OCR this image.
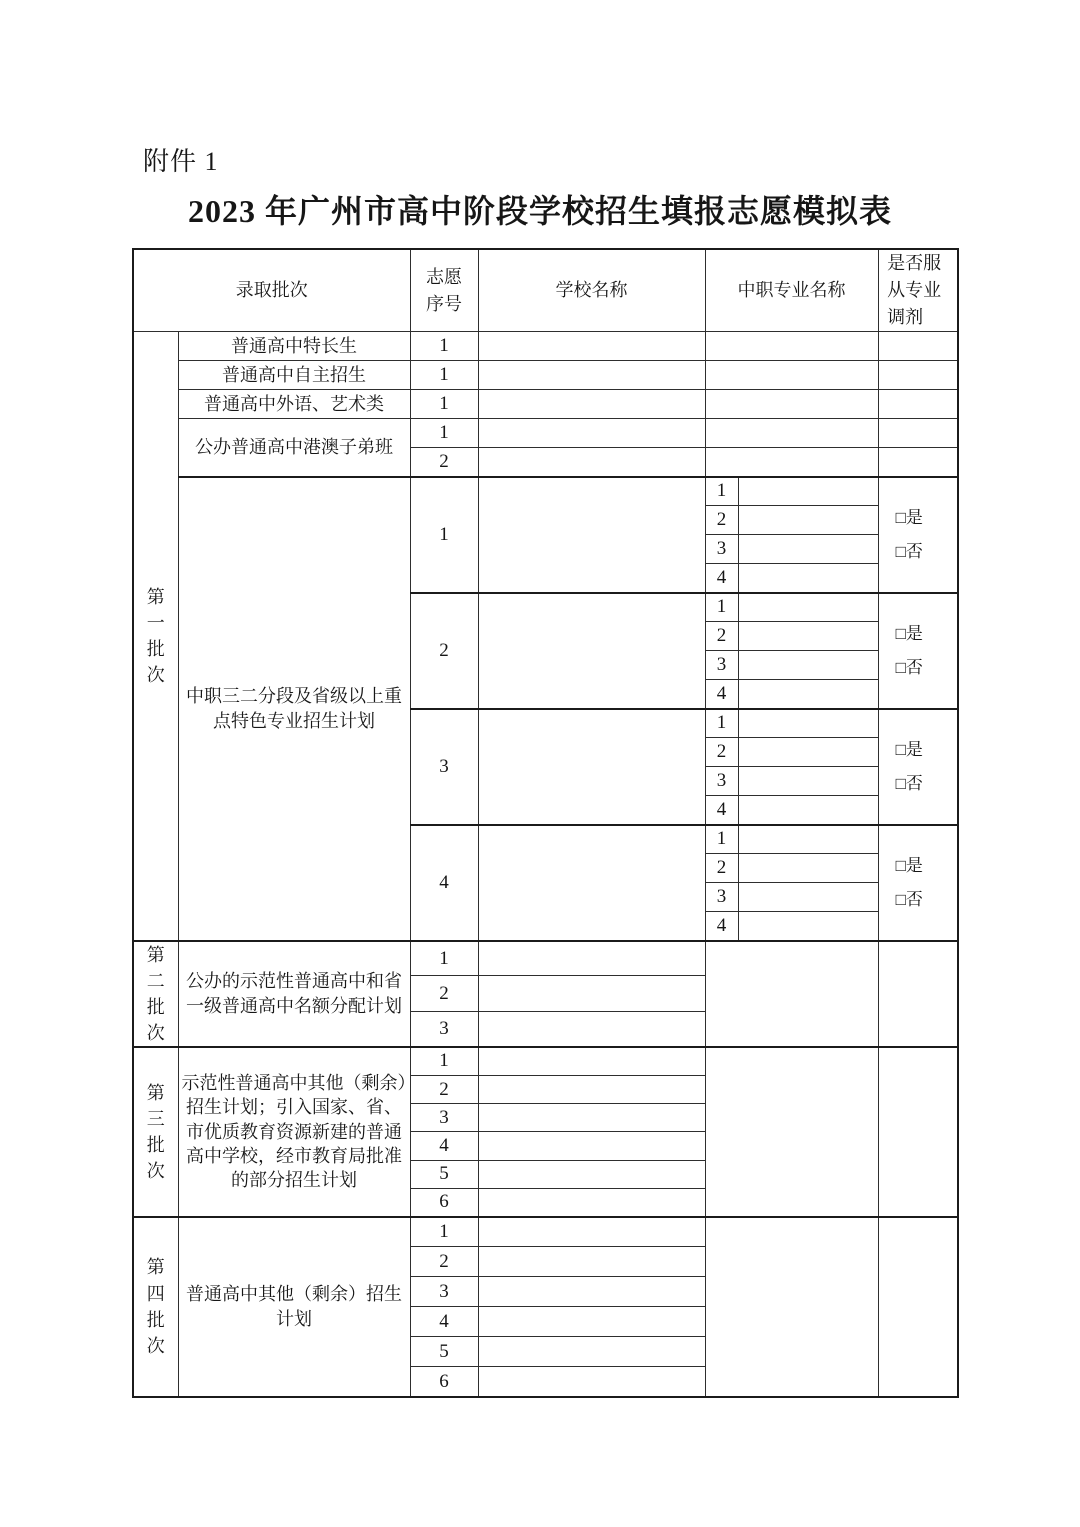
附件 1
2023 年广州市高中阶段学校招生填报志愿模拟表
录取批次		志愿序号	学校名称	中职专业名称		是否服从专业调剂

第一批次	普通高中特长生	1				
	普通高中自主招生	1				
	普通高中外语、艺术类	1				
	公办普通高中港澳子弟班	1				
		2				
	中职三二分段及省级以上重点特色专业招生计划	1		1		□是
□否

				2		
				3		
				4		
		2		1		□是
□否

				2		
				3		
				4		
		3		1		□是
□否

				2		
				3		
				4		
		4		1		□是
□否

				2		
				3		
				4		

第二批次	公办的示范性普通高中和省一级普通高中名额分配计划	1				
		2				
		3				

第三批次	示范性普通高中其他（剩余）招生计划；引入国家、省、市优质教育资源新建的普通高中学校，经市教育局批准的部分招生计划	1				
		2				
		3				
		4				
		5				
		6				

第四批次	普通高中其他（剩余）招生计划	1				
		2				
		3				
		4				
		5				
		6				
